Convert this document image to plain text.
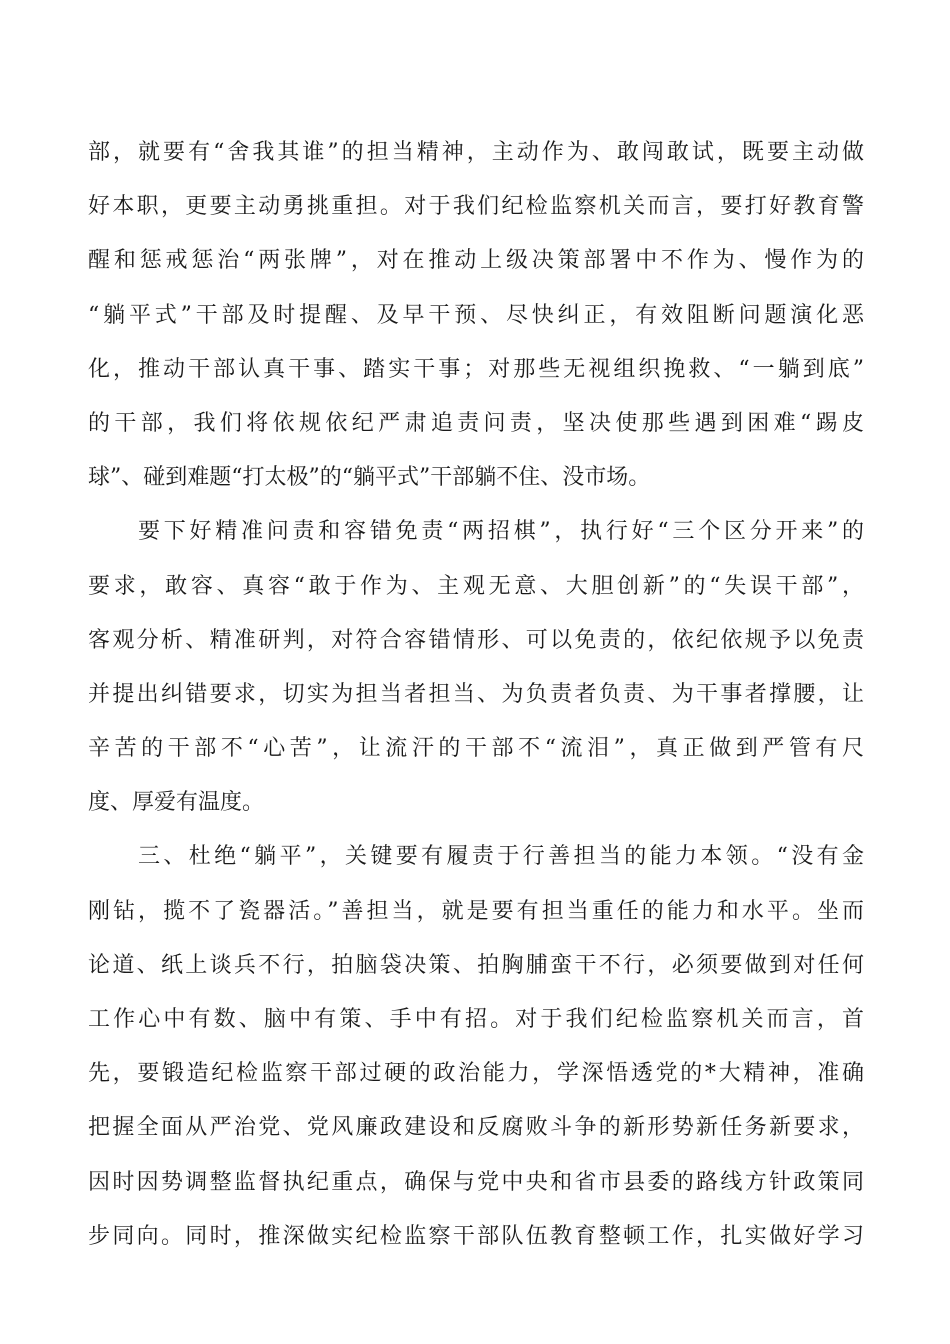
部，就要有“舍我其谁”的担当精神，主动作为、敢闯敢试，既要主动做
好本职，更要主动勇挑重担。对于我们纪检监察机关而言，要打好教育警
醒和惩戒惩治“两张牌”，对在推动上级决策部署中不作为、慢作为的
“躺平式”干部及时提醒、及早干预、尽快纠正，有效阻断问题演化恶
化，推动干部认真干事、踏实干事；对那些无视组织挽救、“一躺到底”
的干部，我们将依规依纪严肃追责问责，坚决使那些遇到困难“踢皮
球”、碰到难题“打太极”的“躺平式”干部躺不住、没市场。
要下好精准问责和容错免责“两招棋”，执行好“三个区分开来”的
要求，敢容、真容“敢于作为、主观无意、大胆创新”的“失误干部”，
客观分析、精准研判，对符合容错情形、可以免责的，依纪依规予以免责
并提出纠错要求，切实为担当者担当、为负责者负责、为干事者撑腰，让
辛苦的干部不“心苦”，让流汗的干部不“流泪”，真正做到严管有尺
度、厚爱有温度。
三、杜绝“躺平”，关键要有履责于行善担当的能力本领。“没有金
刚钻，揽不了瓷器活。”善担当，就是要有担当重任的能力和水平。坐而
论道、纸上谈兵不行，拍脑袋决策、拍胸脯蛮干不行，必须要做到对任何
工作心中有数、脑中有策、手中有招。对于我们纪检监察机关而言，首
先，要锻造纪检监察干部过硬的政治能力，学深悟透党的*大精神，准确
把握全面从严治党、党风廉政建设和反腐败斗争的新形势新任务新要求，
因时因势调整监督执纪重点，确保与党中央和省市县委的路线方针政策同
步同向。同时，推深做实纪检监察干部队伍教育整顿工作，扎实做好学习
